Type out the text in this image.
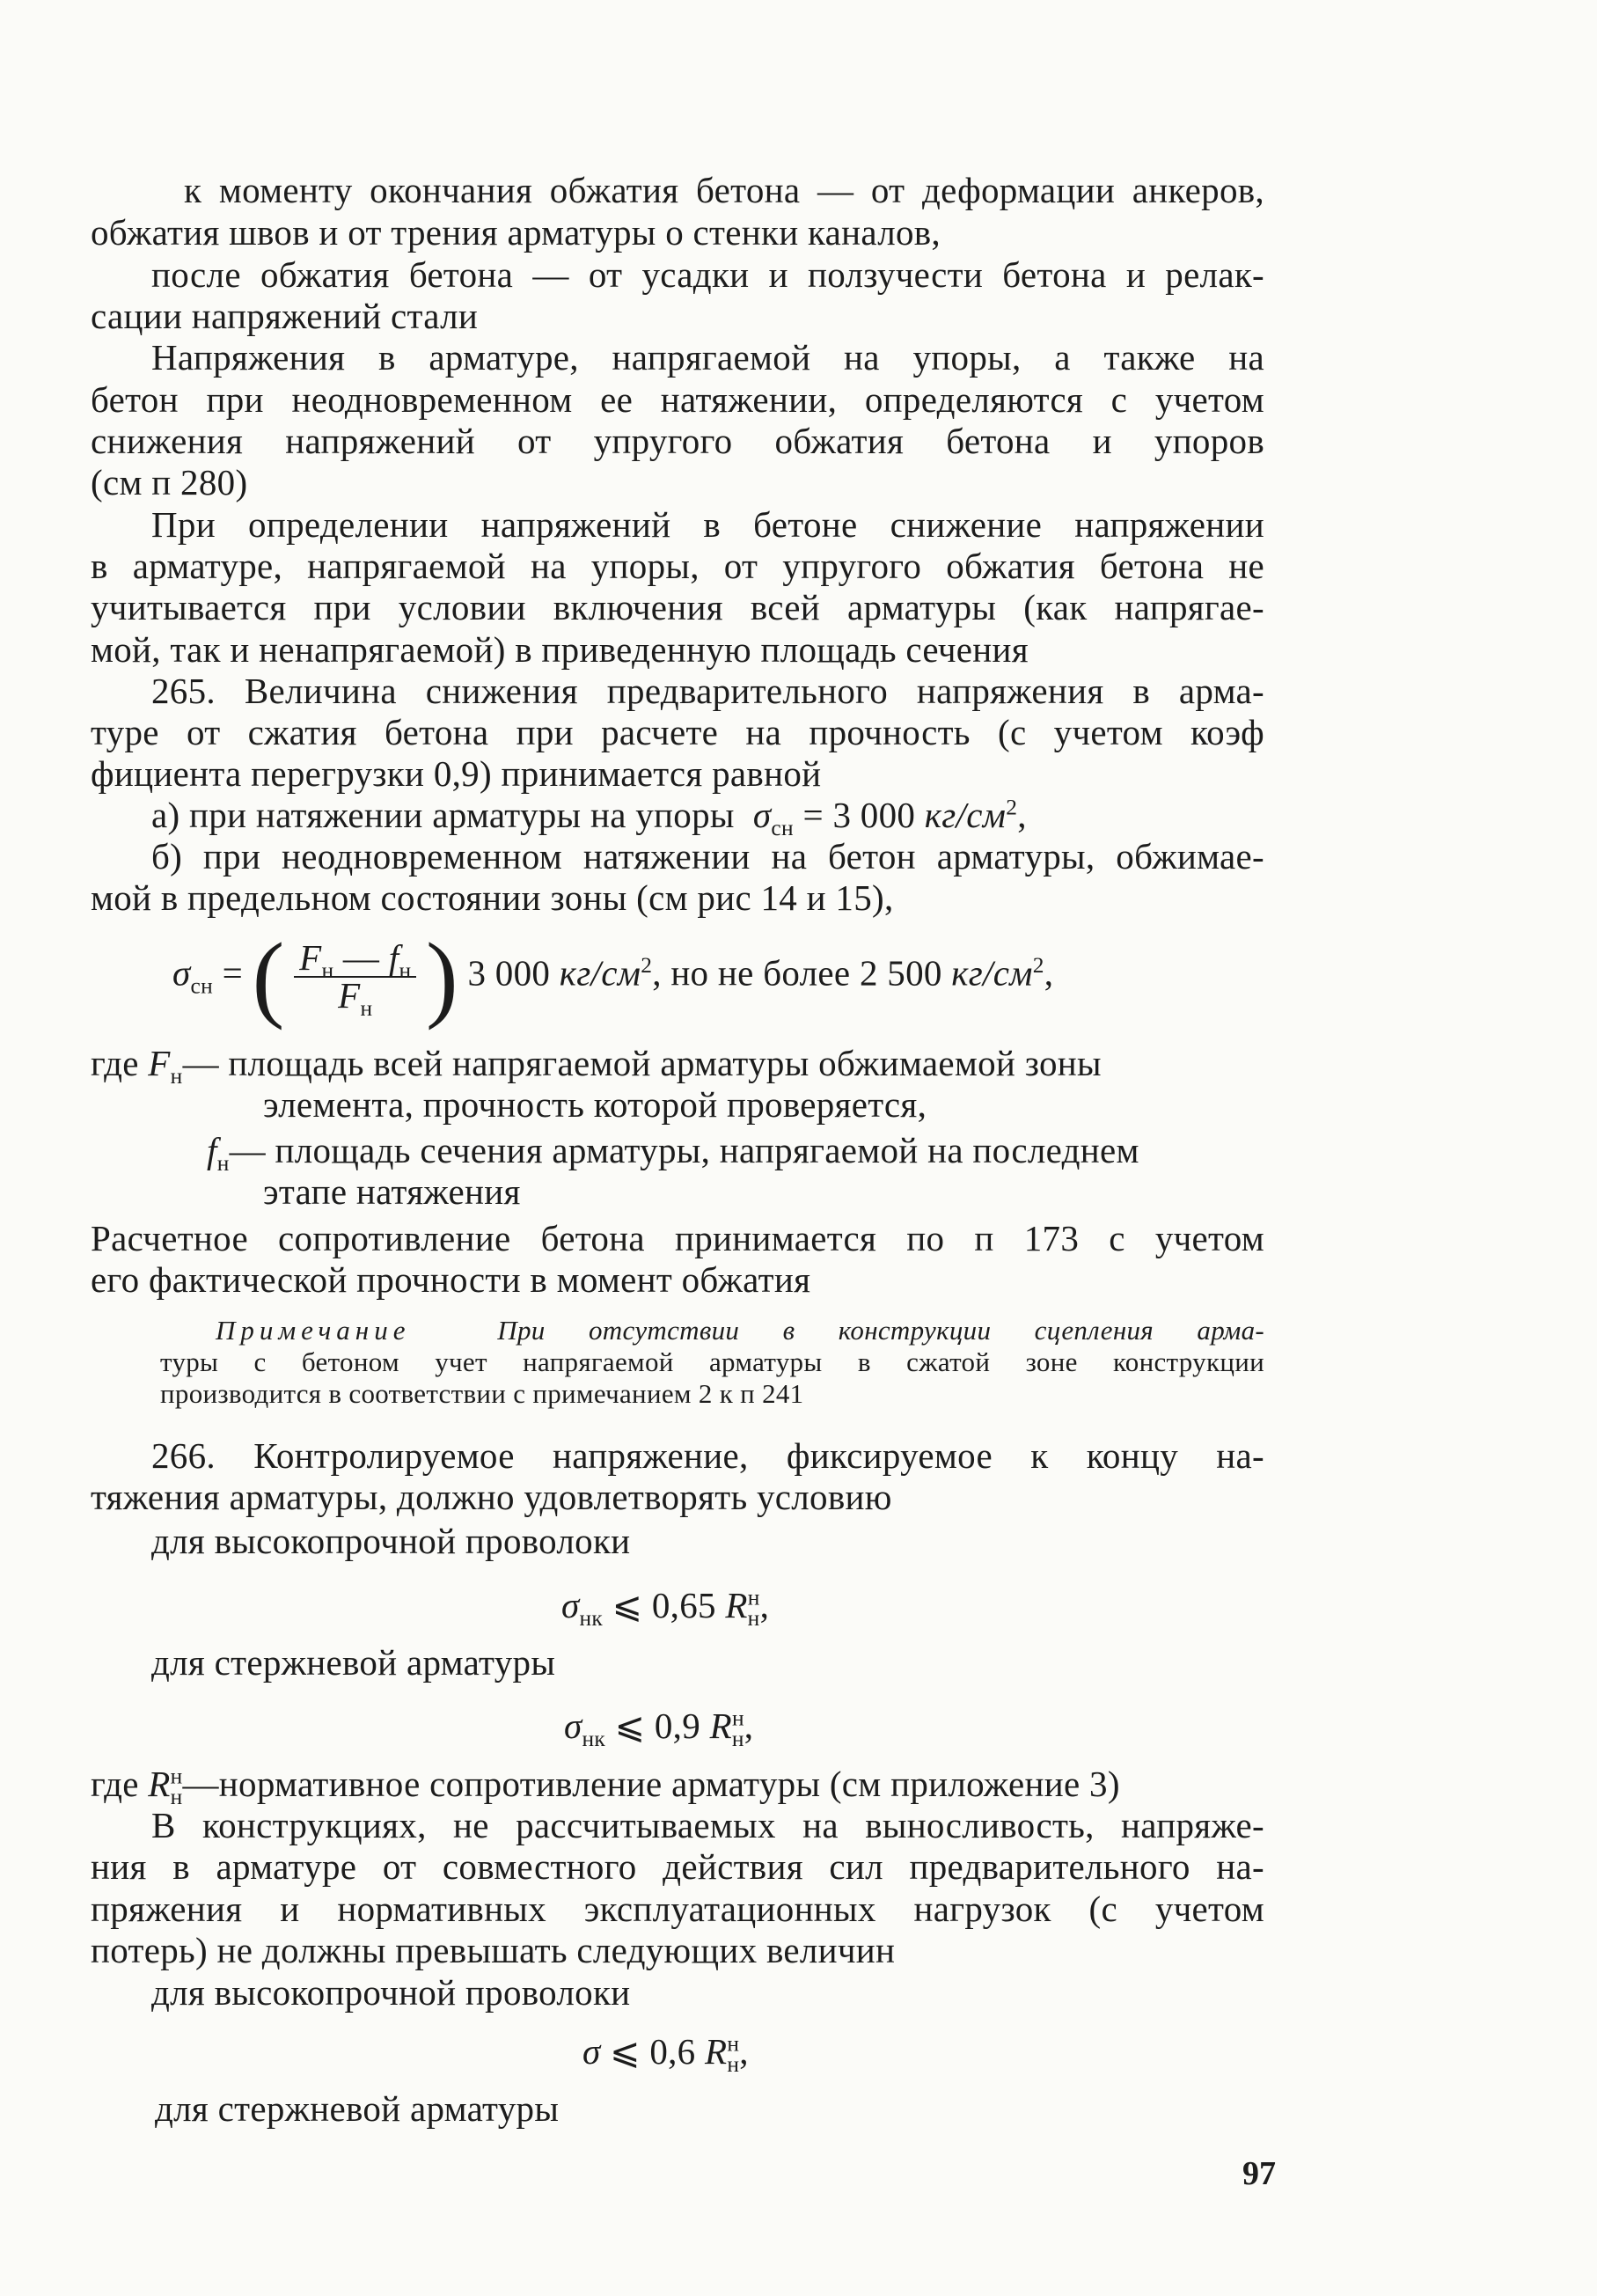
к моменту окончания обжатия бетона — от деформации анкеров,

обжатия швов и от трения арматуры о стенки каналов,

после обжатия бетона — от усадки и ползучести бетона и релак-

сации напряжений стали

Напряжения в арматуре, напрягаемой на упоры, а также на

бетон при неодновременном ее натяжении, определяются с учетом

снижения напряжений от упругого обжатия бетона и упоров

(см п 280)

При определении напряжений в бетоне снижение напряжении

в арматуре, напрягаемой на упоры, от упругого обжатия бетона не

учитывается при условии включения всей арматуры (как напрягае-

мой, так и ненапрягаемой) в приведенную площадь сечения

265. Величина снижения предварительного напряжения в арма-

туре от сжатия бетона при расчете на прочность (с учетом коэф

фициента перегрузки 0,9) принимается равной

а) при натяжении арматуры на упоры $\sigma_{сн} = 3$ 000 $кг/см^2$,

б) при неодновременном натяжении на бетон арматуры, обжимае-

мой в предельном состоянии зоны (см рис 14 и 15),

$\sigma_{сн}$ = ( $\frac{F_н — f_н}{F_н}$ ) 3 000 $кг/см^2$, но не более 2 500 $кг/см^2$,

где $F_н—$ площадь всей напрягаемой арматуры обжимаемой зоны

элемента, прочность которой проверяется,

$f_н—$ площадь сечения арматуры, напрягаемой на последнем

этапе натяжения

Расчетное сопротивление бетона принимается по п 173 с учетом

его фактической прочности в момент обжатия

Примечание	При отсутствии в конструкции сцепления арма-

туры с бетоном учет напрягаемой арматуры в сжатой зоне конструкции

производится в соответствии с примечанием 2 к п 241

266. Контролируемое напряжение, фиксируемое к концу на-

тяжения арматуры, должно удовлетворять условию

для высокопрочной проволоки

$\sigma_{нк}$ ⩽ 0,65 $R^н_н$,

для стержневой арматуры

$\sigma_{нк}$ ⩽ 0,9 $R^н_н$,

где $R^н_н—нормативное$ сопротивление арматуры (см приложение 3)

В конструкциях, не рассчитываемых на выносливость, напряже-

ния в арматуре от совместного действия сил предварительного на-

пряжения и нормативных эксплуатационных нагрузок (с учетом

потерь) не должны превышать следующих величин

для высокопрочной проволоки

σ ⩽ 0,6 $R^н_н$,

для стержневой арматуры

97
